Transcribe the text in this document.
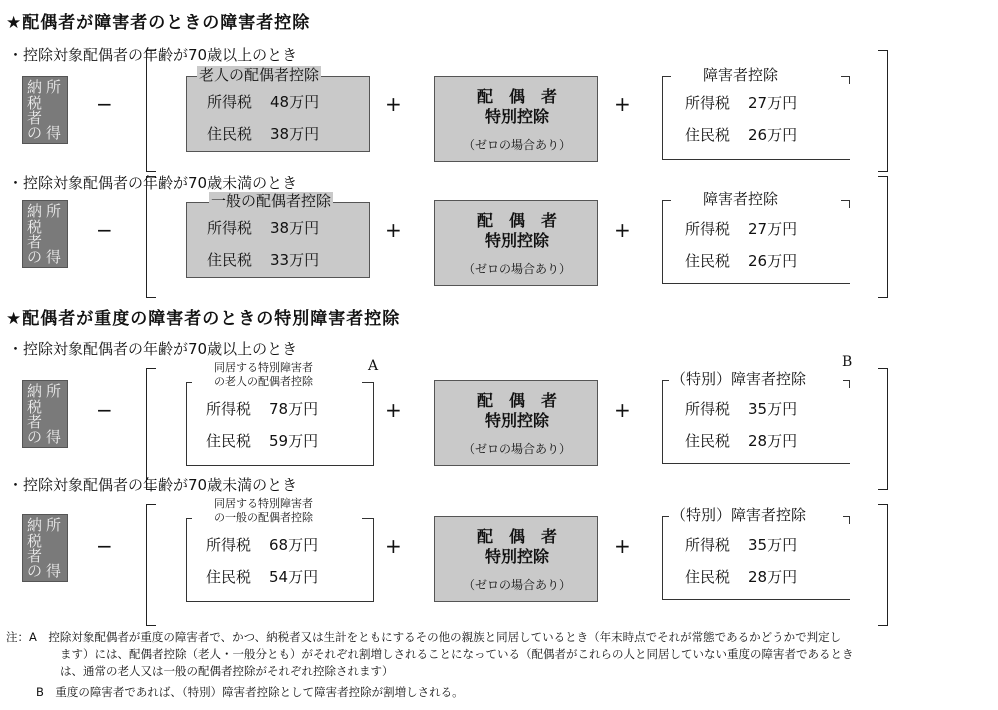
★配偶者が障害者のときの障害者控除
★配偶者が重度の障害者のときの特別障害者控除
・控除対象配偶者の年齢が70歳以上のとき
所
納
税
得
者
の
−
老人の配偶者控除
所得税 48万円
住民税 38万円
+	配　偶　者
特別控除
（ゼロの場合あり）
+
障害者控除
所得税 27万円
住民税 26万円
・控除対象配偶者の年齢が70歳未満のとき
所
納
税
得
者
の
−
一般の配偶者控除
所得税 38万円
住民税 33万円
+	配　偶　者
特別控除
（ゼロの場合あり）
+
障害者控除
所得税 27万円
住民税 26万円
・控除対象配偶者の年齢が70歳以上のとき
A	B
所
納
税
得
者
の
−
同居する特別障害者
の老人の配偶者控除
所得税 78万円
住民税 59万円
+	配　偶　者
特別控除
（ゼロの場合あり）
+
（特別）障害者控除
所得税 35万円
住民税 28万円
・控除対象配偶者の年齢が70歳未満のとき
所
納
税
得
者
の
−
同居する特別障害者
の一般の配偶者控除
所得税 68万円
住民税 54万円
+	配　偶　者
特別控除
（ゼロの場合あり）
+
（特別）障害者控除
所得税 35万円
住民税 28万円
注：A　控除対象配偶者が重度の障害者で、かつ、納税者又は生計をともにするその他の親族と同居しているとき（年末時点でそれが常態であるかどうかで判定し
ます）には、配偶者控除（老人・一般分とも）がそれぞれ割増しされることになっている（配偶者がこれらの人と同居していない重度の障害者であるとき
は、通常の老人又は一般の配偶者控除がそれぞれ控除されます）
B　重度の障害者であれば、（特別）障害者控除として障害者控除が割増しされる。
